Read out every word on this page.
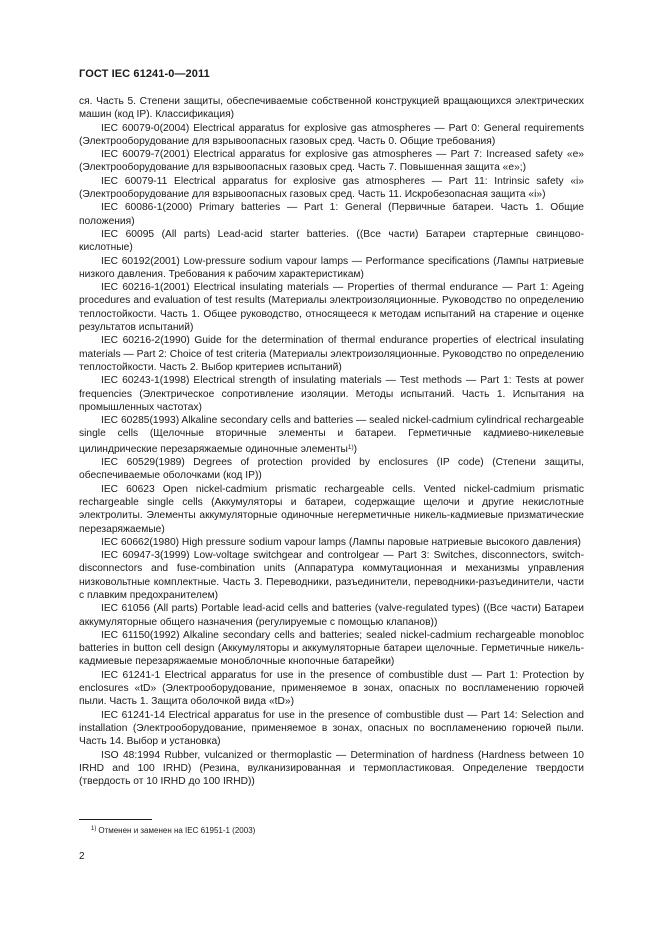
ГОСТ IEC 61241-0—2011

ся. Часть 5. Степени защиты, обеспечиваемые собственной конструкцией вращающихся электрических машин (код IP). Классификация)

IEC 60079-0(2004) Electrical apparatus for explosive gas atmospheres — Part 0: General requirements (Электрооборудование для взрывоопасных газовых сред. Часть 0. Общие требования)

IEC 60079-7(2001) Electrical apparatus for explosive gas atmospheres — Part 7: Increased safety «e» (Электрооборудование для взрывоопасных газовых сред. Часть 7. Повышенная защита «e»;)

IEC 60079-11 Electrical apparatus for explosive gas atmospheres — Part 11: Intrinsic safety «i» (Электрооборудование для взрывоопасных газовых сред. Часть 11. Искробезопасная защита «i»)

IEC 60086-1(2000) Primary batteries — Part 1: General (Первичные батареи. Часть 1. Общие положения)

IEC 60095 (All parts) Lead-acid starter batteries. ((Все части) Батареи стартерные свинцово-кислотные)

IEC 60192(2001) Low-pressure sodium vapour lamps — Performance specifications (Лампы натриевые низкого давления. Требования к рабочим характеристикам)

IEC 60216-1(2001) Electrical insulating materials — Properties of thermal endurance — Part 1: Ageing procedures and evaluation of test results (Материалы электроизоляционные. Руководство по определению теплостойкости. Часть 1. Общее руководство, относящееся к методам испытаний на старение и оценке результатов испытаний)

IEC 60216-2(1990) Guide for the determination of thermal endurance properties of electrical insulating materials — Part 2: Choice of test criteria (Материалы электроизоляционные. Руководство по определению теплостойкости. Часть 2. Выбор критериев испытаний)

IEC 60243-1(1998) Electrical strength of insulating materials — Test methods — Part 1: Tests at power frequencies (Электрическое сопротивление изоляции. Методы испытаний. Часть 1. Испытания на промышленных частотах)

IEC 60285(1993) Alkaline secondary cells and batteries — sealed nickel-cadmium cylindrical rechargeable single cells (Щелочные вторичные элементы и батареи. Герметичные кадмиево-никелевые цилиндрические перезаряжаемые одиночные элементы$^{1)}$)

IEC 60529(1989) Degrees of protection provided by enclosures (IP code) (Степени защиты, обеспечиваемые оболочками (код IP))

IEC 60623 Open nickel-cadmium prismatic rechargeable cells. Vented nickel-cadmium prismatic rechargeable single cells (Аккумуляторы и батареи, содержащие щелочи и другие некислотные электролиты. Элементы аккумуляторные одиночные негерметичные никель-кадмиевые призматические перезаряжаемые)

IEC 60662(1980) High pressure sodium vapour lamps (Лампы паровые натриевые высокого давления)

IEC 60947-3(1999) Low-voltage switchgear and controlgear — Part 3: Switches, disconnectors, switch-disconnectors and fuse-combination units (Аппаратура коммутационная и механизмы управления низковольтные комплектные. Часть 3. Переводники, разъединители, переводники-разъединители, части с плавким предохранителем)

IEC 61056 (All parts) Portable lead-acid cells and batteries (valve-regulated types) ((Все части) Батареи аккумуляторные общего назначения (регулируемые с помощью клапанов))

IEC 61150(1992) Alkaline secondary cells and batteries; sealed nickel-cadmium rechargeable monobloc batteries in button cell design (Аккумуляторы и аккумуляторные батареи щелочные. Герметичные никель-кадмиевые перезаряжаемые моноблочные кнопочные батарейки)

IEC 61241-1 Electrical apparatus for use in the presence of combustible dust — Part 1: Protection by enclosures «tD» (Электрооборудование, применяемое в зонах, опасных по воспламенению горючей пыли. Часть 1. Защита оболочкой вида «tD»)

IEC 61241-14 Electrical apparatus for use in the presence of combustible dust — Part 14: Selection and installation (Электрооборудование, применяемое в зонах, опасных по воспламенению горючей пыли. Часть 14. Выбор и установка)

ISO 48:1994 Rubber, vulcanized or thermoplastic — Determination of hardness (Hardness between 10 IRHD and 100 IRHD) (Резина, вулканизированная и термопластиковая. Определение твердости (твердость от 10 IRHD до 100 IRHD))

$^{1)}$ Отменен и заменен на IEC 61951-1 (2003)
2
